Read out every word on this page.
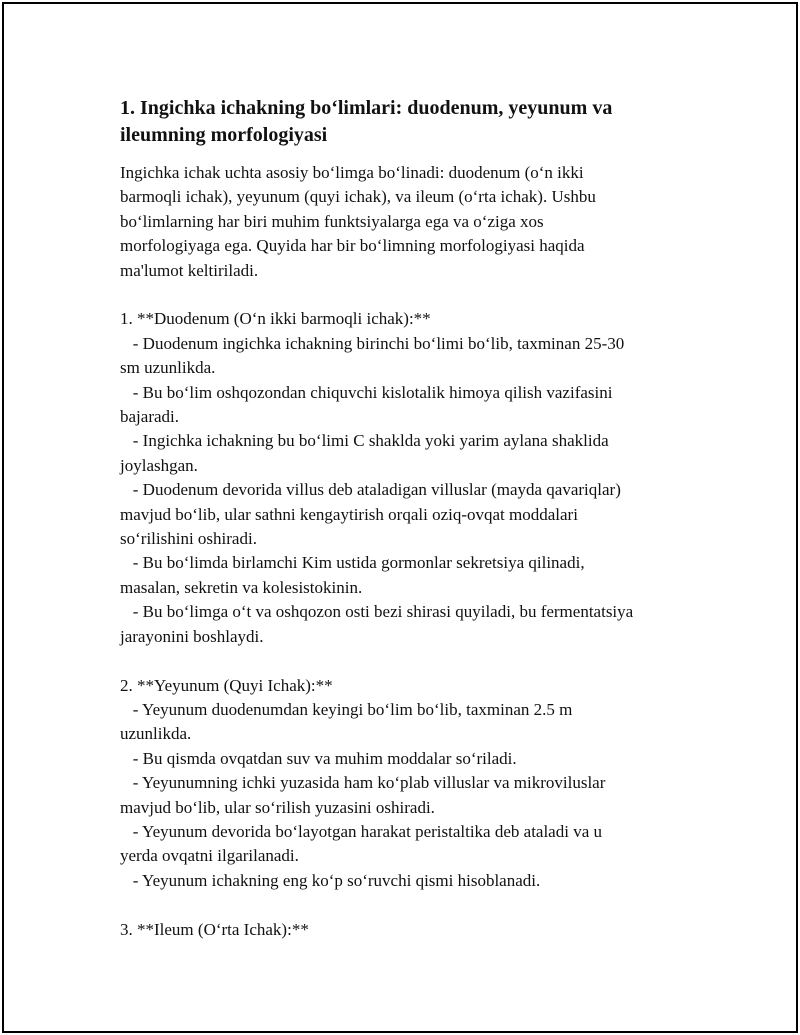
1. Ingichka ichakning bo‘limlari: duodenum, yeyunum va
ileumning morfologiyasi

Ingichka ichak uchta asosiy bo‘limga bo‘linadi: duodenum (o‘n ikki
barmoqli ichak), yeyunum (quyi ichak), va ileum (o‘rta ichak). Ushbu
bo‘limlarning har biri muhim funktsiyalarga ega va o‘ziga xos
morfologiyaga ega. Quyida har bir bo‘limning morfologiyasi haqida
ma'lumot keltiriladi.

1. **Duodenum (O‘n ikki barmoqli ichak):**

- Duodenum ingichka ichakning birinchi bo‘limi bo‘lib, taxminan 25-30
sm uzunlikda.

- Bu bo‘lim oshqozondan chiquvchi kislotalik himoya qilish vazifasini
bajaradi.

- Ingichka ichakning bu bo‘limi C shaklda yoki yarim aylana shaklida
joylashgan.

- Duodenum devorida villus deb ataladigan villuslar (mayda qavariqlar)
mavjud bo‘lib, ular sathni kengaytirish orqali oziq-ovqat moddalari
so‘rilishini oshiradi.

- Bu bo‘limda birlamchi Kim ustida gormonlar sekretsiya qilinadi,
masalan, sekretin va kolesistokinin.

- Bu bo‘limga o‘t va oshqozon osti bezi shirasi quyiladi, bu fermentatsiya
jarayonini boshlaydi.

2. **Yeyunum (Quyi Ichak):**

- Yeyunum duodenumdan keyingi bo‘lim bo‘lib, taxminan 2.5 m
uzunlikda.

- Bu qismda ovqatdan suv va muhim moddalar so‘riladi.

- Yeyunumning ichki yuzasida ham ko‘plab villuslar va mikroviluslar
mavjud bo‘lib, ular so‘rilish yuzasini oshiradi.

- Yeyunum devorida bo‘layotgan harakat peristaltika deb ataladi va u
yerda ovqatni ilgarilanadi.

- Yeyunum ichakning eng ko‘p so‘ruvchi qismi hisoblanadi.

3. **Ileum (O‘rta Ichak):**
